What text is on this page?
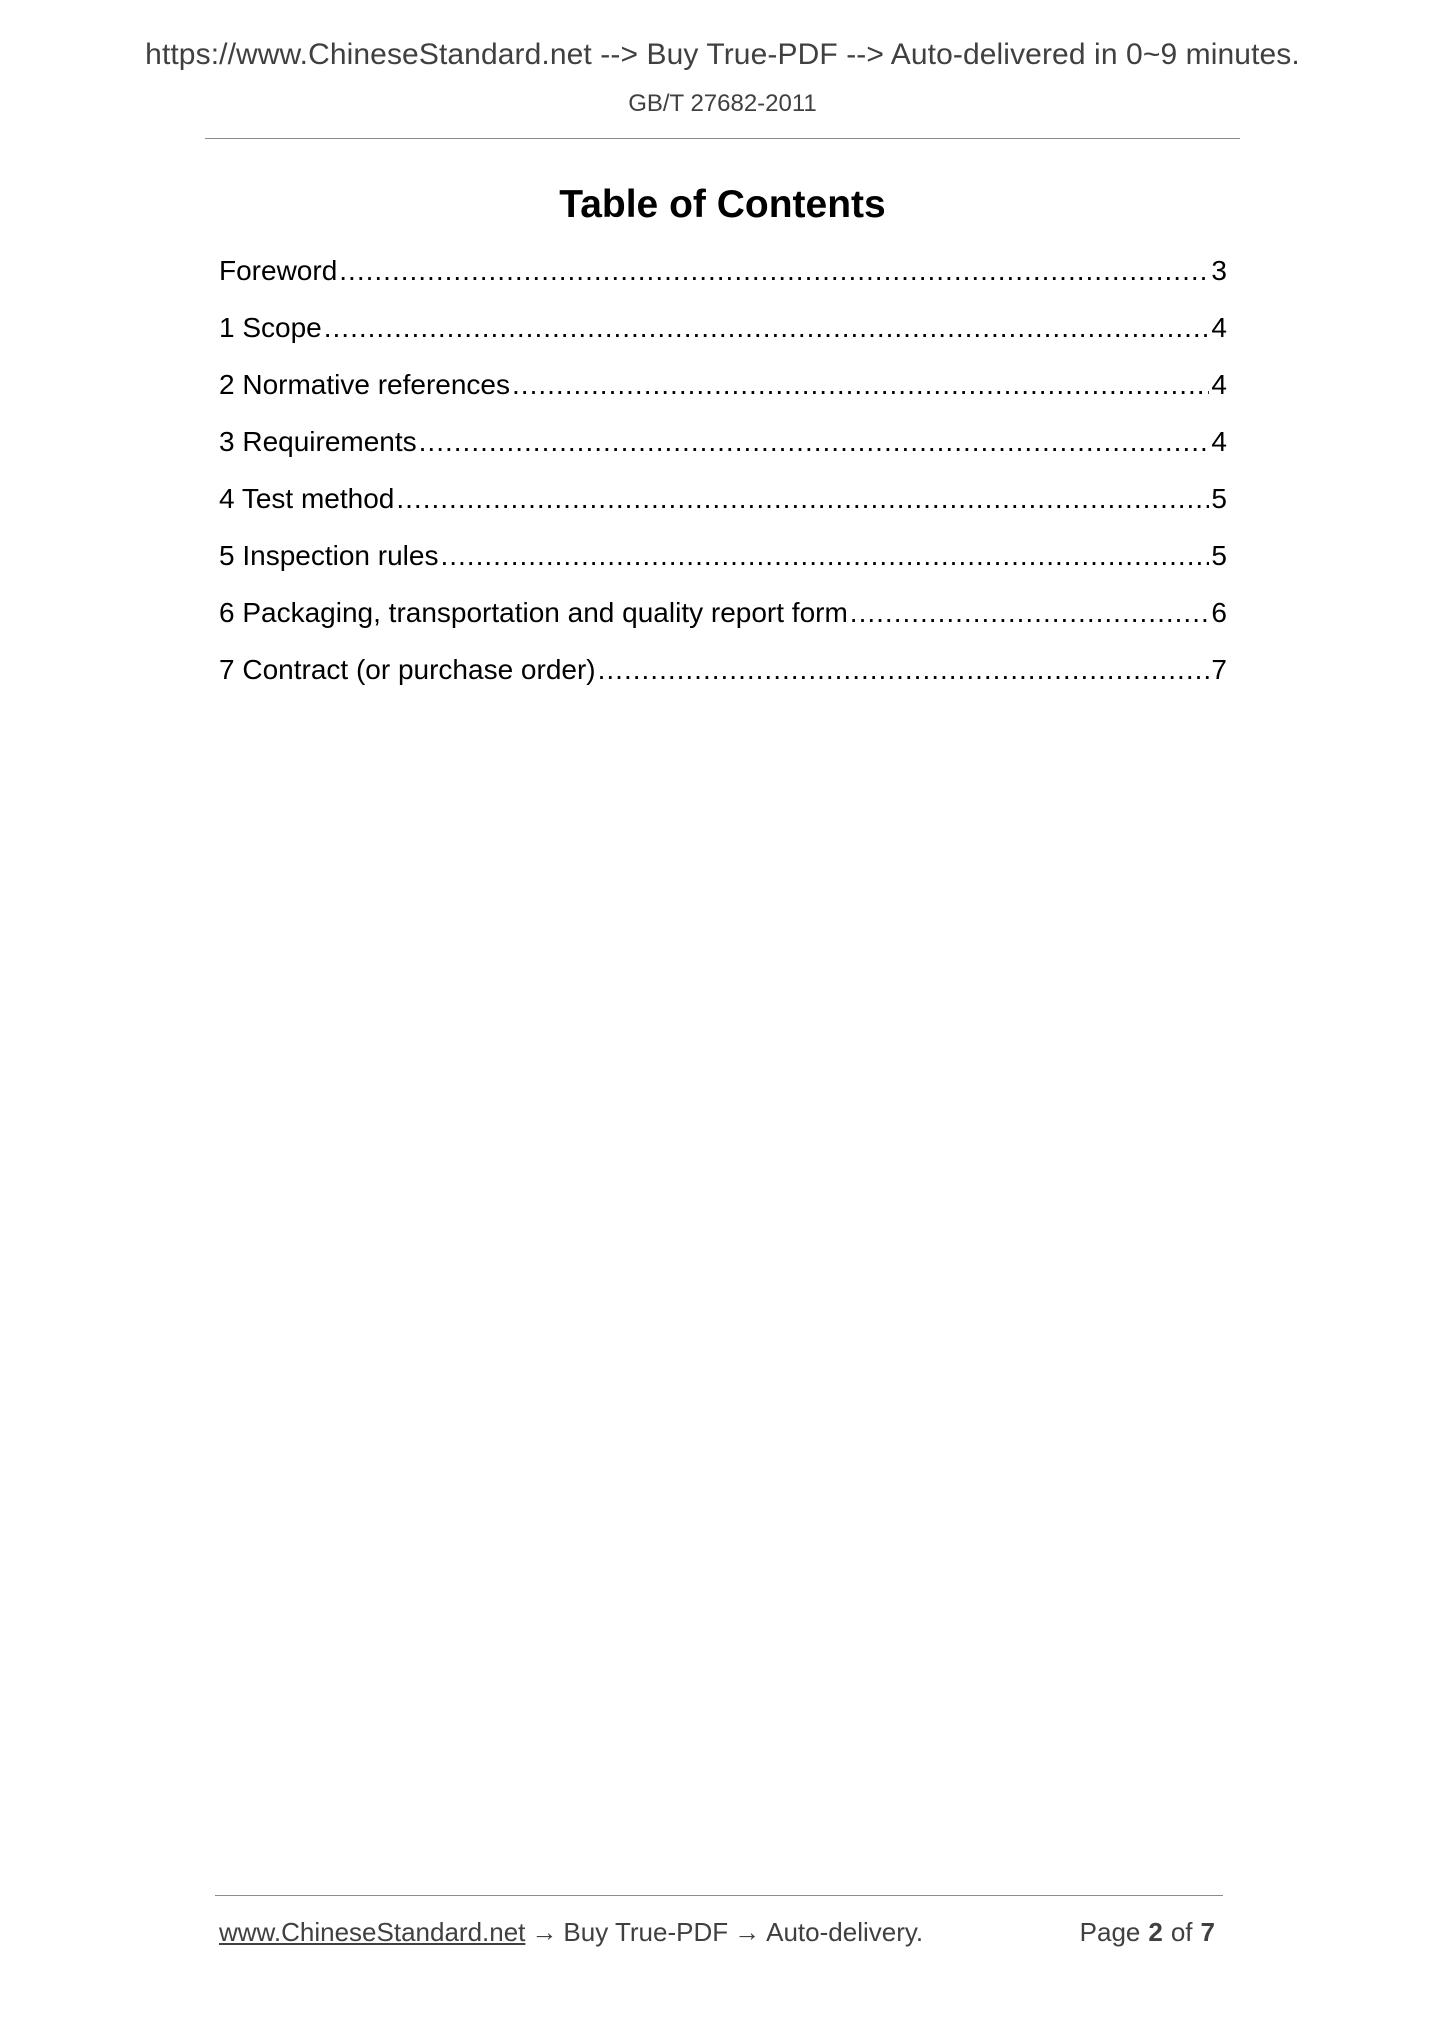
https://www.ChineseStandard.net --> Buy True-PDF --> Auto-delivered in 0~9 minutes.
GB/T 27682-2011
Table of Contents
Foreword .....	3
1 Scope .....	4
2 Normative references .....	4
3 Requirements .....	4
4 Test method .....	5
5 Inspection rules .....	5
6 Packaging, transportation and quality report form .....	6
7 Contract (or purchase order) .....	7
www.ChineseStandard.net → Buy True-PDF → Auto-delivery.	Page 2 of 7
